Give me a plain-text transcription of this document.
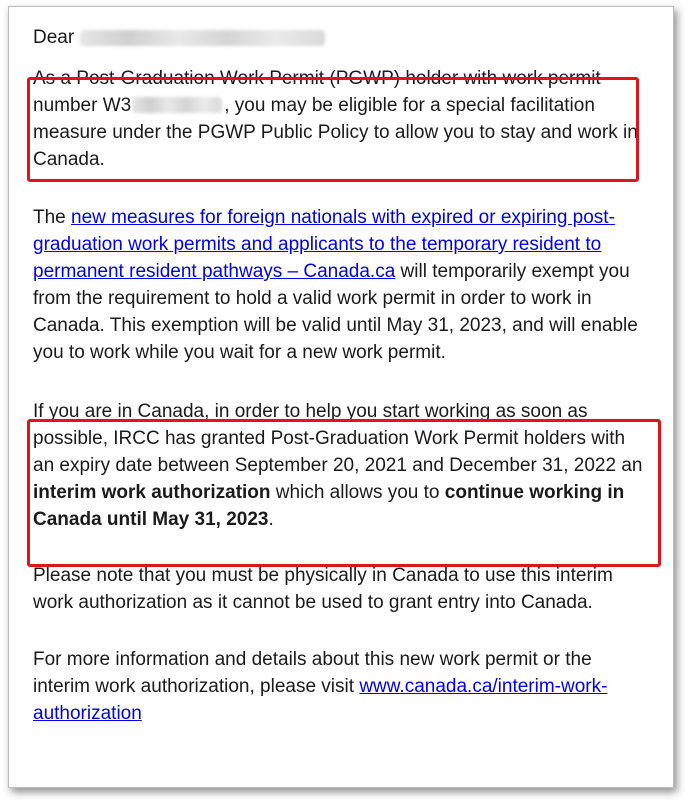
Dear

As a Post-Graduation Work Permit (PGWP) holder with work permit number W3	, you may be eligible for a special facilitation measure under the PGWP Public Policy to allow you to stay and work in Canada.

The new measures for foreign nationals with expired or expiring post-graduation work permits and applicants to the temporary resident to permanent resident pathways – Canada.ca will temporarily exempt you from the requirement to hold a valid work permit in order to work in Canada. This exemption will be valid until May 31, 2023, and will enable you to work while you wait for a new work permit.

If you are in Canada, in order to help you start working as soon as possible, IRCC has granted Post-Graduation Work Permit holders with an expiry date between September 20, 2021 and December 31, 2022 an interim work authorization which allows you to continue working in Canada until May 31, 2023.

Please note that you must be physically in Canada to use this interim work authorization as it cannot be used to grant entry into Canada.

For more information and details about this new work permit or the interim work authorization, please visit www.canada.ca/interim-work-authorization
